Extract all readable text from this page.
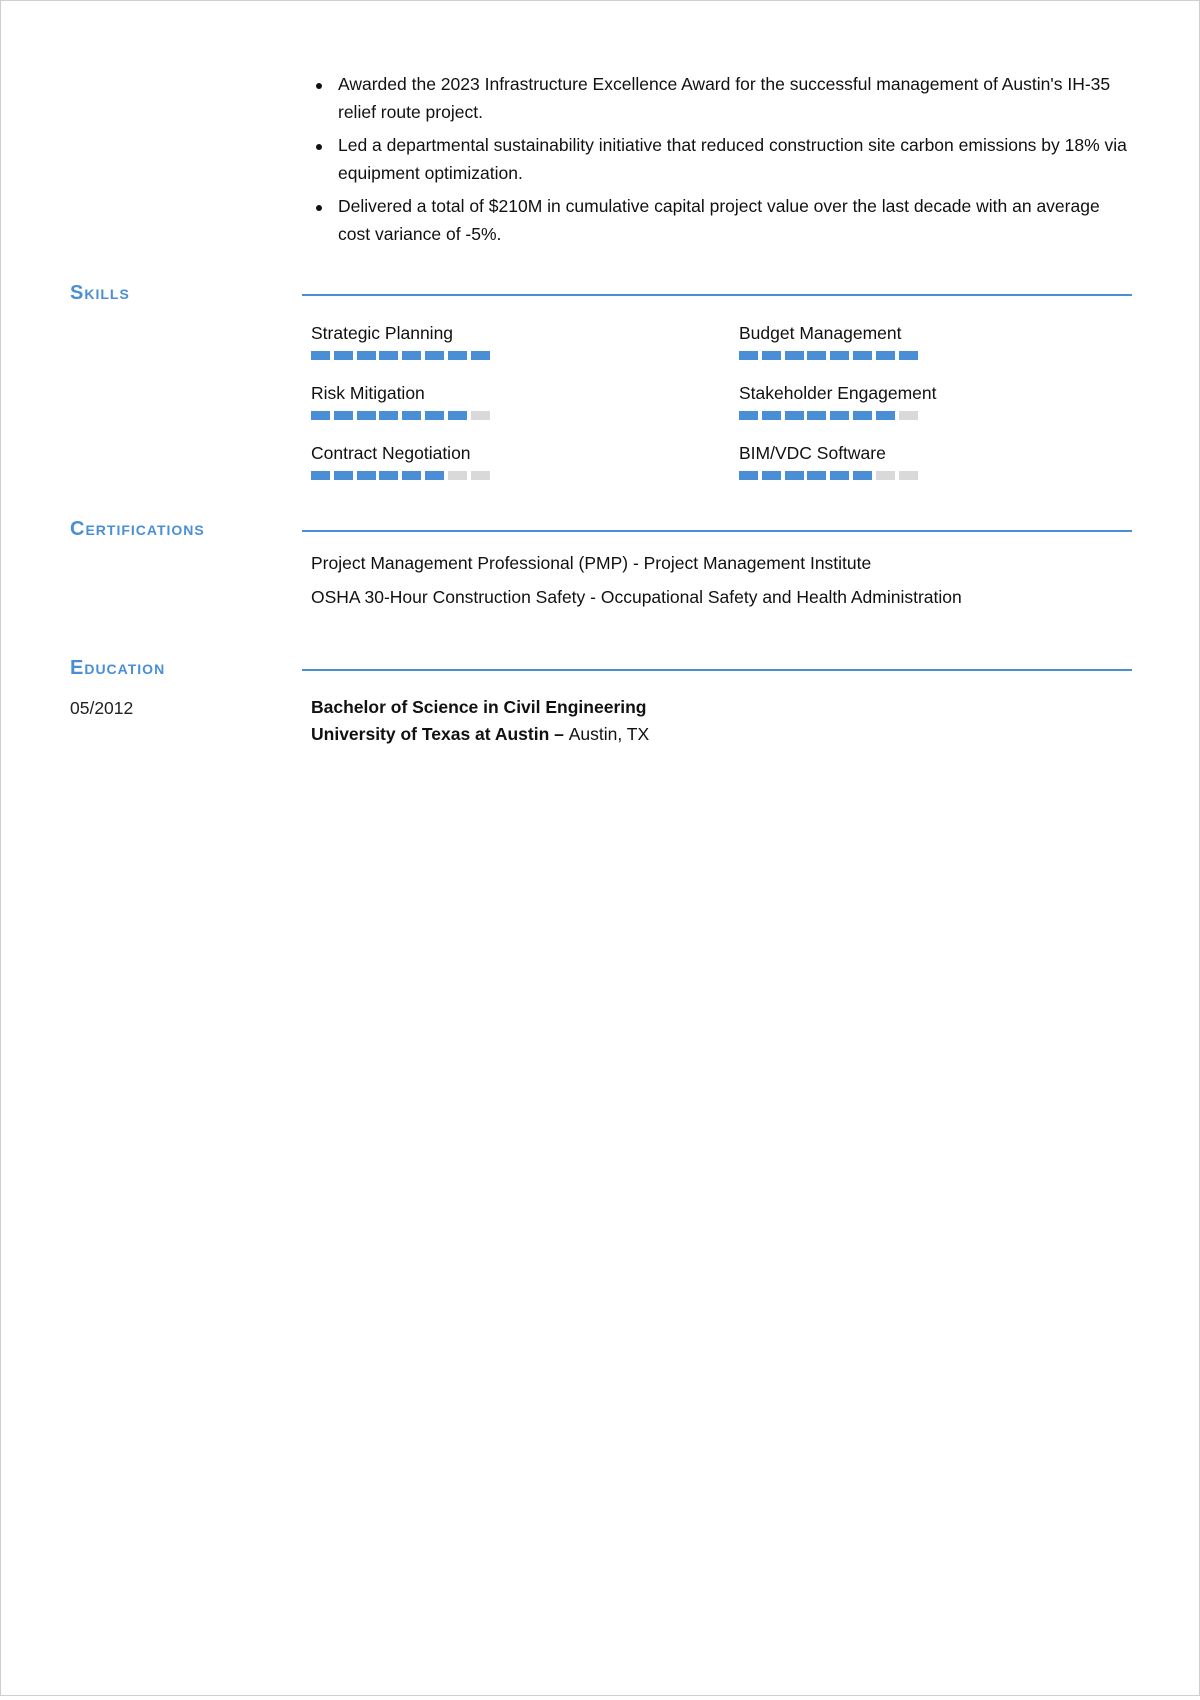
Awarded the 2023 Infrastructure Excellence Award for the successful management of Austin's IH-35 relief route project.
Led a departmental sustainability initiative that reduced construction site carbon emissions by 18% via equipment optimization.
Delivered a total of $210M in cumulative capital project value over the last decade with an average cost variance of -5%.
Skills
Strategic Planning	Budget Management
Risk Mitigation	Stakeholder Engagement
Contract Negotiation	BIM/VDC Software
Certifications
Project Management Professional (PMP) - Project Management Institute
OSHA 30-Hour Construction Safety - Occupational Safety and Health Administration
Education
05/2012	Bachelor of Science in Civil Engineering
University of Texas at Austin – Austin, TX
